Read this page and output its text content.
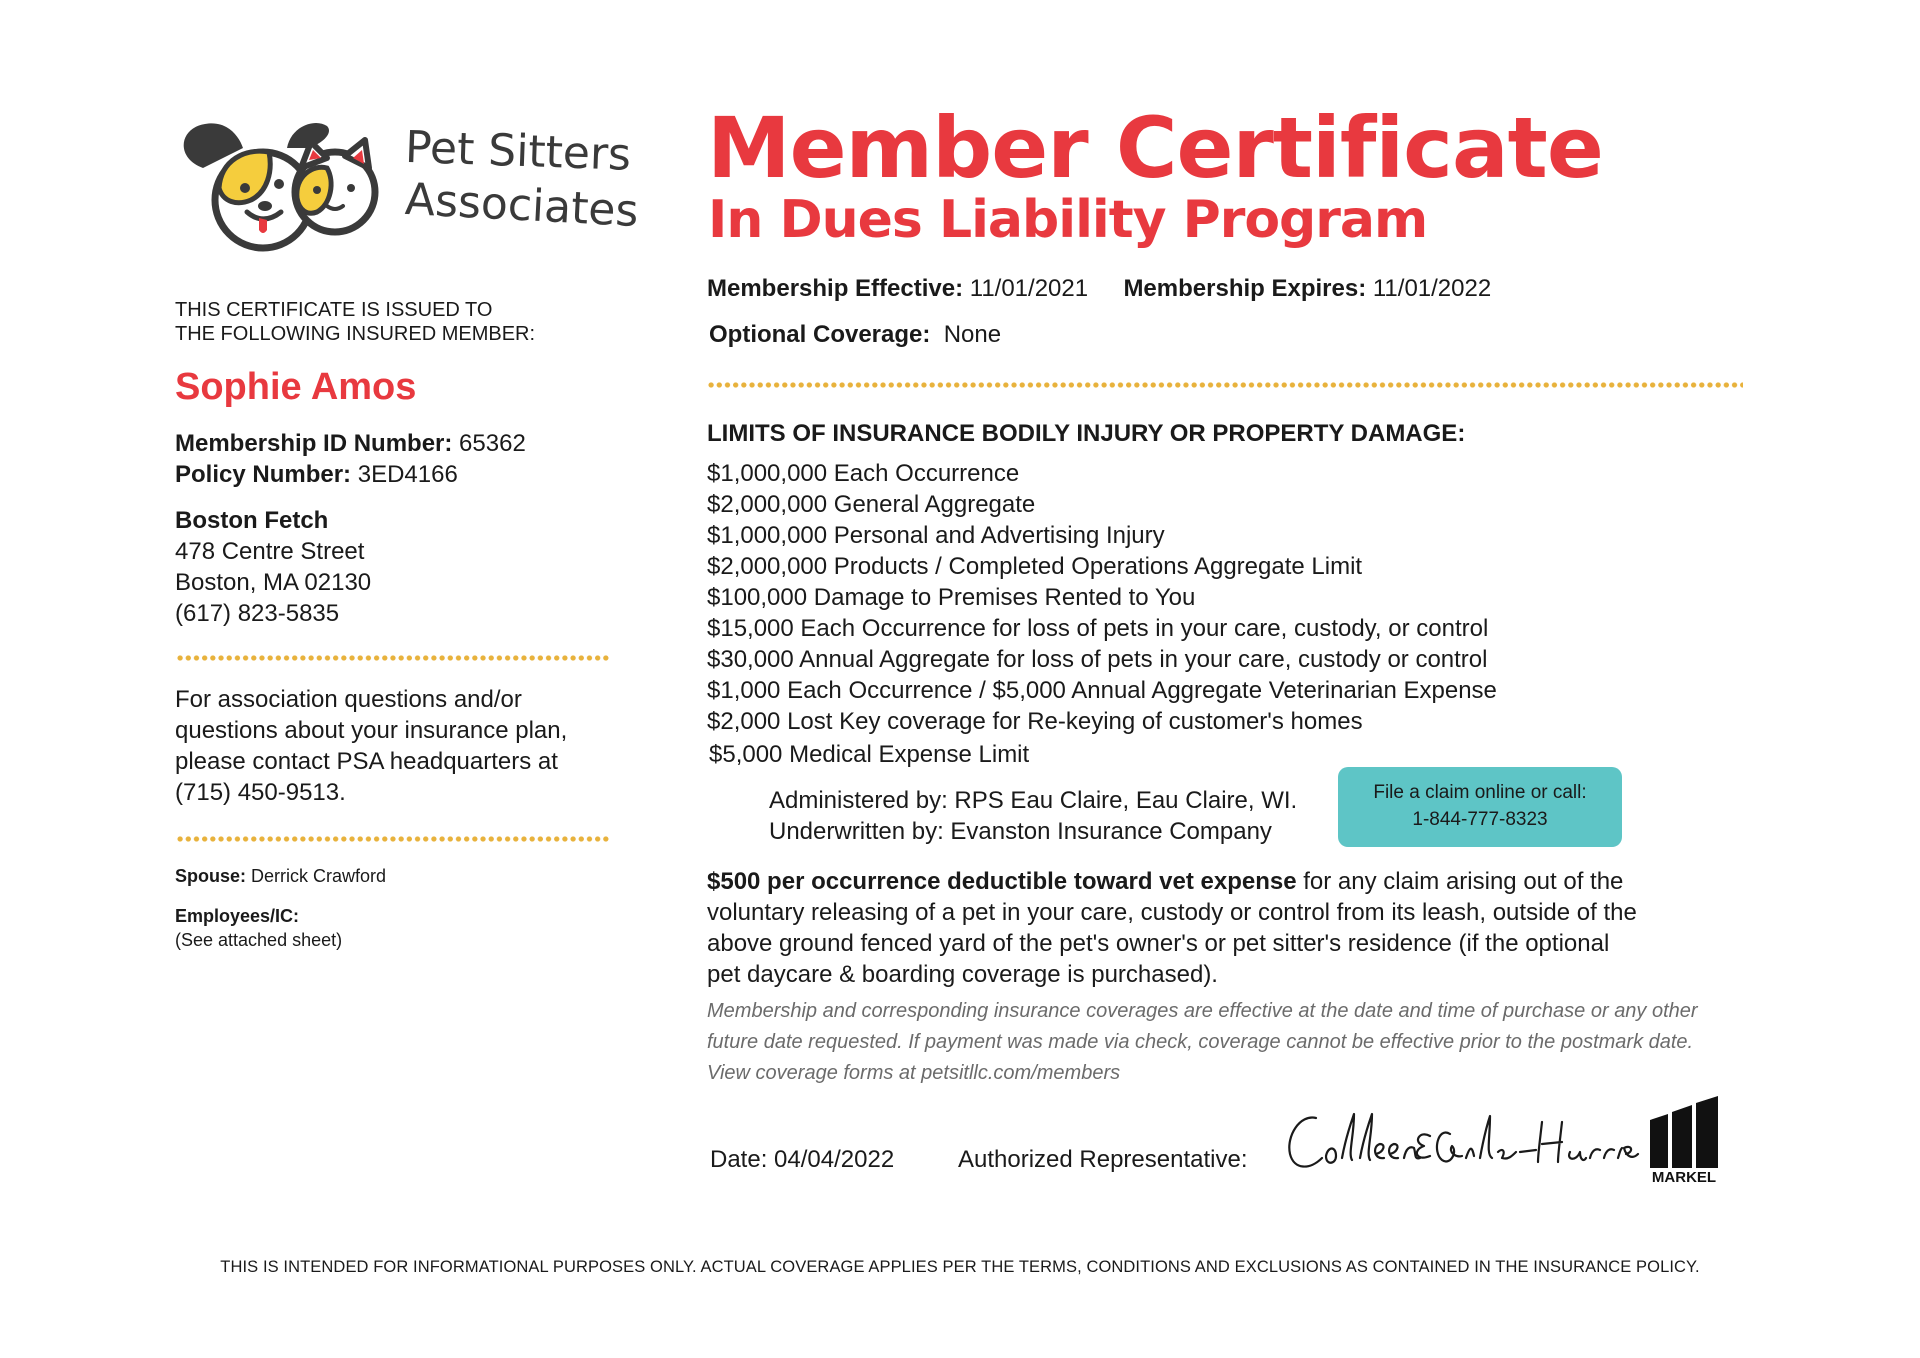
Pet Sitters
Associates
Member Certificate
In Dues Liability Program
THIS CERTIFICATE IS ISSUED TO
THE FOLLOWING INSURED MEMBER:
Sophie Amos
Membership ID Number: 65362
Policy Number: 3ED4166
Boston Fetch
478 Centre Street
Boston, MA 02130
(617) 823-5835
For association questions and/or
questions about your insurance plan,
please contact PSA headquarters at
(715) 450-9513.
Spouse: Derrick Crawford
Employees/IC:
(See attached sheet)
Membership Effective: 11/01/2021 Membership Expires: 11/01/2022
Optional Coverage: None
LIMITS OF INSURANCE BODILY INJURY OR PROPERTY DAMAGE:
$1,000,000 Each Occurrence
$2,000,000 General Aggregate
$1,000,000 Personal and Advertising Injury
$2,000,000 Products / Completed Operations Aggregate Limit
$100,000 Damage to Premises Rented to You
$15,000 Each Occurrence for loss of pets in your care, custody, or control
$30,000 Annual Aggregate for loss of pets in your care, custody or control
$1,000 Each Occurrence / $5,000 Annual Aggregate Veterinarian Expense
$2,000 Lost Key coverage for Re-keying of customer's homes
$5,000 Medical Expense Limit
Administered by: RPS Eau Claire, Eau Claire, WI.
Underwritten by: Evanston Insurance Company
File a claim online or call:
1-844-777-8323
$500 per occurrence deductible toward vet expense for any claim arising out of the
voluntary releasing of a pet in your care, custody or control from its leash, outside of the
above ground fenced yard of the pet's owner's or pet sitter's residence (if the optional
pet daycare & boarding coverage is purchased).
Membership and corresponding insurance coverages are effective at the date and time of purchase or any other
future date requested. If payment was made via check, coverage cannot be effective prior to the postmark date.
View coverage forms at petsitllc.com/members
Date: 04/04/2022	Authorized Representative:
MARKEL
THIS IS INTENDED FOR INFORMATIONAL PURPOSES ONLY. ACTUAL COVERAGE APPLIES PER THE TERMS, CONDITIONS AND EXCLUSIONS AS CONTAINED IN THE INSURANCE POLICY.
